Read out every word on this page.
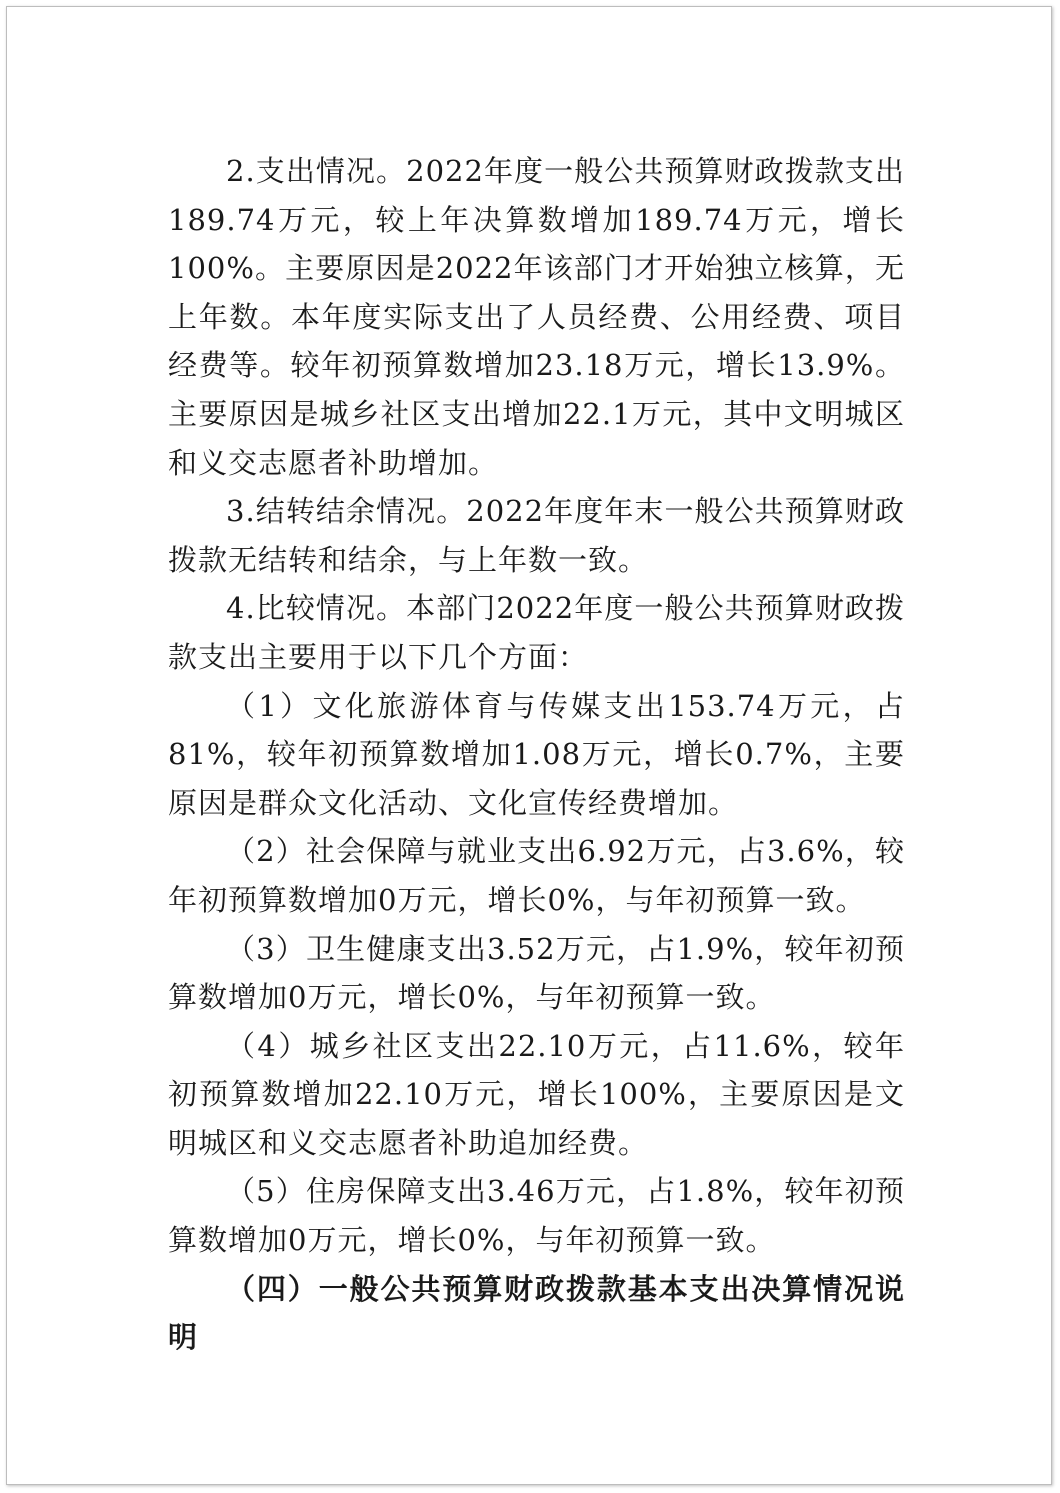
2.支出情况。2022年度一般公共预算财政拨款支出189.74万元，较上年决算数增加189.74万元，增长100%。主要原因是2022年该部门才开始独立核算，无上年数。本年度实际支出了人员经费、公用经费、项目经费等。较年初预算数增加23.18万元，增长13.9%。主要原因是城乡社区支出增加22.1万元，其中文明城区和义交志愿者补助增加。

3.结转结余情况。2022年度年末一般公共预算财政拨款无结转和结余，与上年数一致。

4.比较情况。本部门2022年度一般公共预算财政拨款支出主要用于以下几个方面：

（1）文化旅游体育与传媒支出153.74万元，占81%，较年初预算数增加1.08万元，增长0.7%，主要原因是群众文化活动、文化宣传经费增加。

（2）社会保障与就业支出6.92万元，占3.6%，较年初预算数增加0万元，增长0%，与年初预算一致。

（3）卫生健康支出3.52万元，占1.9%，较年初预算数增加0万元，增长0%，与年初预算一致。

（4）城乡社区支出22.10万元，占11.6%，较年初预算数增加22.10万元，增长100%，主要原因是文明城区和义交志愿者补助追加经费。

（5）住房保障支出3.46万元，占1.8%，较年初预算数增加0万元，增长0%，与年初预算一致。

（四）一般公共预算财政拨款基本支出决算情况说明
